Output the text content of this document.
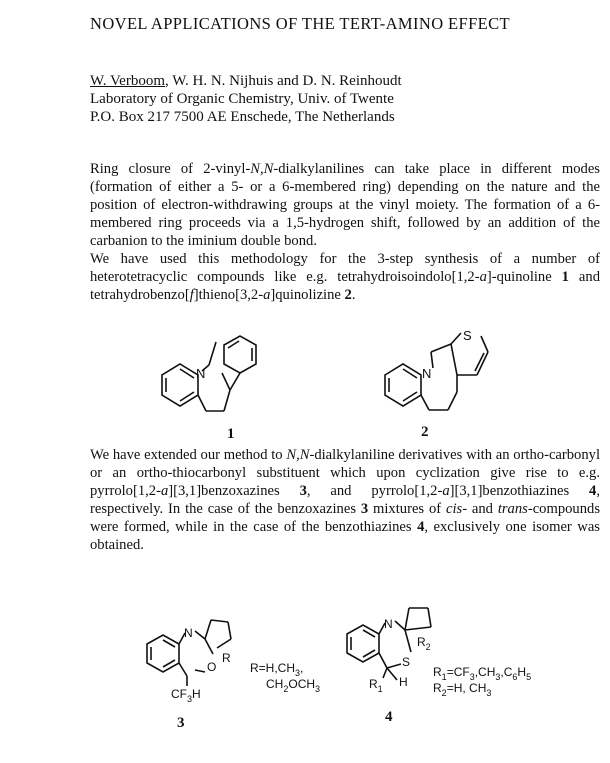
NOVEL APPLICATIONS OF THE TERT-AMINO EFFECT
W. Verboom, W. H. N. Nijhuis and D. N. Reinhoudt
Laboratory of Organic Chemistry, Univ. of Twente
P.O. Box 217 7500 AE Enschede, The Netherlands

Ring closure of 2-vinyl-N,N-dialkylanilines can take place in different modes (formation of either a 5- or a 6-membered ring) depending on the nature and the position of electron-withdrawing groups at the vinyl moiety. The formation of a 6-membered ring proceeds via a 1,5-hydrogen shift, followed by an addition of the carbanion to the iminium double bond.

We have used this methodology for the 3-step synthesis of a number of heterotetracyclic compounds like e.g. tetrahydroisoindolo[1,2-a]-quinoline 1 and tetrahydrobenzo[f]thieno[3,2-a]quinolizine 2.

N
1
N
S
2

We have extended our method to N,N-dialkylaniline derivatives with an ortho-carbonyl or an ortho-thiocarbonyl substituent which upon cyclization give rise to e.g. pyrrolo[1,2-a][3,1]benzoxazines 3, and pyrrolo[1,2-a][3,1]benzothiazines 4, respectively. In the case of the benzoxazines 3 mixtures of cis- and trans-compounds were formed, while in the case of the benzothiazines 4, exclusively one isomer was obtained.

N
O
R
$CF_3H$
$R=H,CH_3$,
$CH_2OCH_3$
3
N
S
$R_2$
$R_1$ H
$R_1=CF_3,CH_3,C_6H_5$
$R_2=H$, $CH_3$
4
